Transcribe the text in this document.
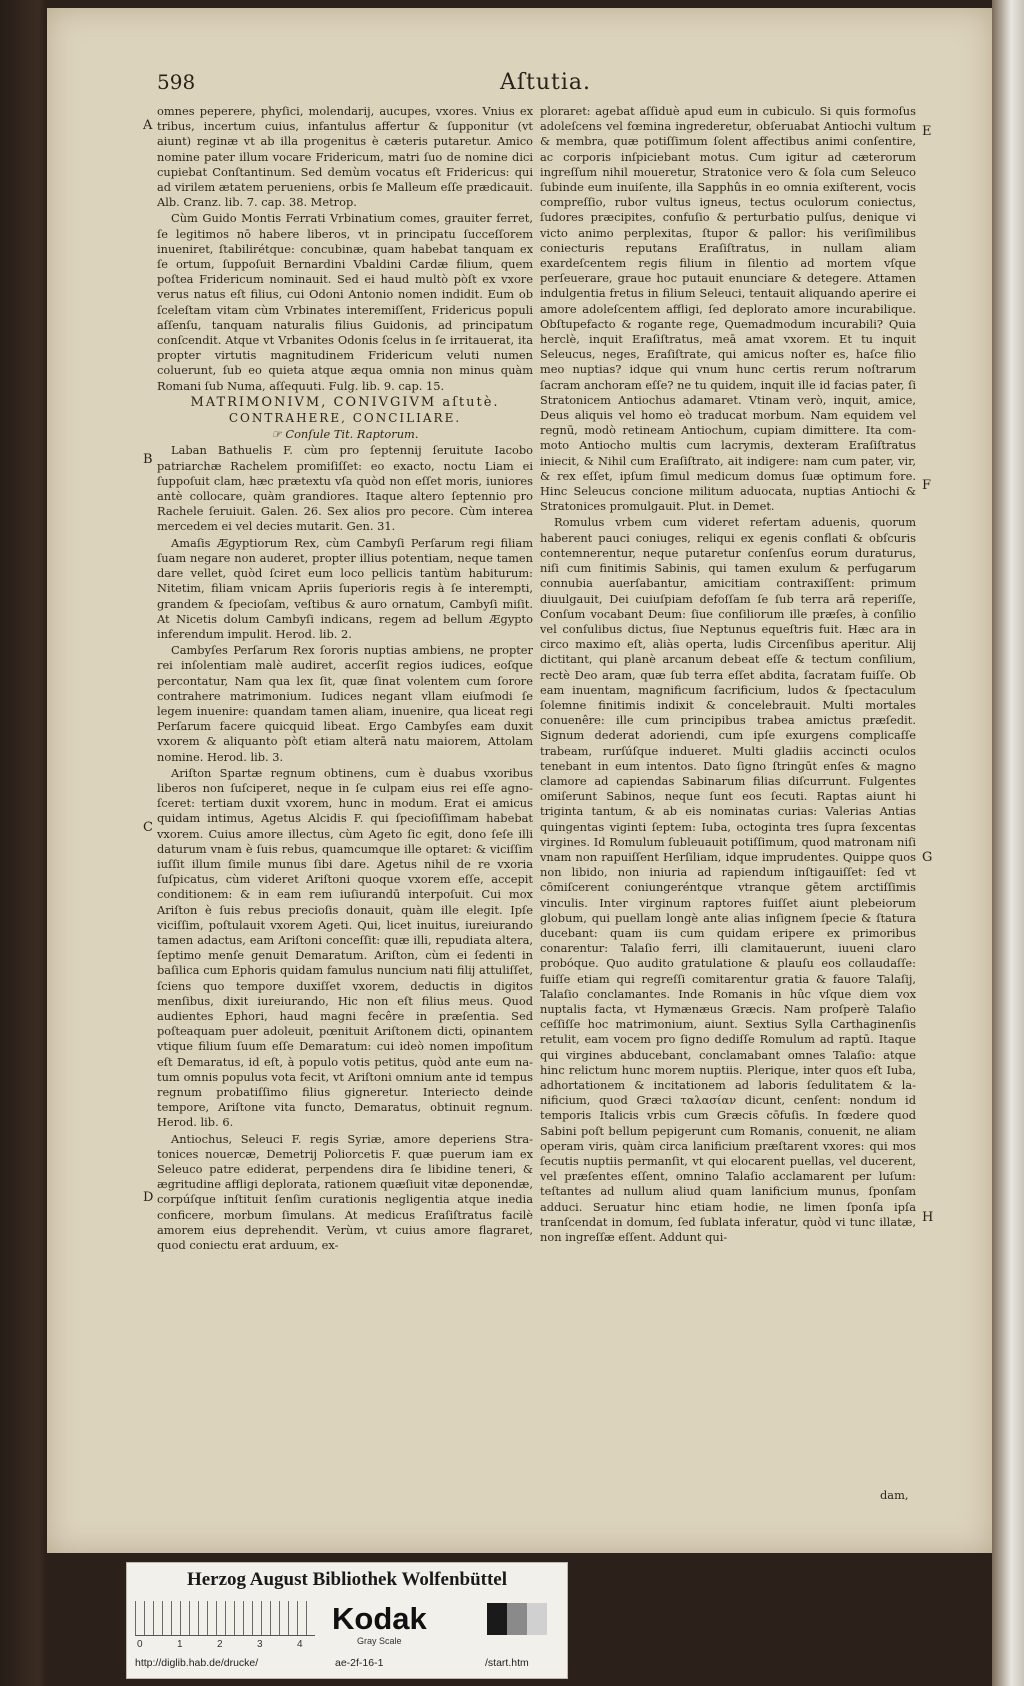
598	Aſtutia.

omnes peperere, phyſici, molendarij, aucupes, vxores. Vnius ex tribus, incertum cuius, infantulus affertur & ſupponitur (vt aiunt) reginæ vt ab illa progenitus è cæteris putaretur. Amico nomine pater illum vocare Fridericum, matri ſuo de nomine dici cupiebat Conſtantinum. Sed demùm vocatus eſt Fridericus: qui ad virilem ætatem perueniens, orbis ſe Malleum eſſe prædicauit. Alb. Cranz. lib. 7. cap. 38. Metrop.

Cùm Guido Montis Ferrati Vrbinatium comes, grauiter ferret, ſe legitimos nō habere liberos, vt in principatu ſucceſſorem inueniret, ſtabilirétque: concubinæ, quam habebat tanquam ex ſe ortum, ſuppoſuit Bernardini Vbaldini Cardæ filium, quem poſtea Fridericum nominauit. Sed ei haud multò pòſt ex vxore verus natus eſt filius, cui Odoni Antonio nomen indidit. Eum ob ſceleſtam vitam cùm Vrbinates interemiſſent, Fridericus populi aſſenſu, tanquam naturalis filius Guidonis, ad principatum conſcendit. Atque vt Vrbanites Odonis ſcelus in ſe irritauerat, ita propter virtutis magnitudinem Fridericum veluti numen coluerunt, ſub eo quieta atque æqua omnia non minus quàm Romani ſub Numa, aſſequuti. Fulg. lib. 9. cap. 15.

MATRIMONIVM, CONIVGIVM aſtutè.

CONTRAHERE, CONCILIARE.

☞ Conſule Tit. Raptorum.

Laban Bathuelis F. cùm pro ſeptennij ſeruitute Iacobo patriarchæ Rachelem promiſiſſet: eo exacto, noctu Liam ei ſuppoſuit clam, hæc prætextu vſa quòd non eſſet moris, iuniores antè collocare, quàm grandiores. Itaque altero ſeptennio pro Rachele ſeruiuit. Galen. 26. Sex alios pro pecore. Cùm interea mercedem ei vel decies mutarit. Gen. 31.

Amaſis Ægyptiorum Rex, cùm Cambyſi Perſarum regi filiam ſuam negare non auderet, propter illius potentiam, neque tamen dare vellet, quòd ſciret eum loco pellicis tantùm habiturum: Nitetim, filiam vnicam Apriis ſuperioris regis à ſe interempti, grandem & ſpecioſam, veſtibus & auro ornatum, Cambyſi miſit. At Nicetis dolum Cambyſi indicans, regem ad bellum Ægypto inferendum impulit. Herod. lib. 2.

Cambyſes Perſarum Rex ſororis nuptias ambiens, ne propter rei inſolentiam malè audiret, accerſit regios iudices, eoſque percontatur, Nam qua lex ſit, quæ ſinat volentem cum ſorore contrahere matrimonium. Iudices negant vllam eiuſmodi ſe legem inuenire: quandam tamen aliam, inuenire, qua liceat regi Perſarum facere quicquid libeat. Ergo Cambyſes eam duxit vxorem & aliquanto pòſt etiam alterā natu maiorem, Attolam nomine. Herod. lib. 3.

Ariſton Spartæ regnum obtinens, cum è duabus vxoribus liberos non ſuſciperet, neque in ſe culpam eius rei eſſe agnoſceret: tertiam duxit vxorem, hunc in modum. Erat ei amicus quidam intimus, Agetus Alcidis F. qui ſpecioſiſſimam habebat vxorem. Cuius amore illectus, cùm Ageto ſic egit, dono ſeſe illi daturum vnam è ſuis rebus, quamcumque ille optaret: & viciſſim iuſſit illum ſimile munus ſibi dare. Agetus nihil de re vxoria ſuſpicatus, cùm videret Ariſtoni quoque vxorem eſſe, accepit conditionem: & in eam rem iuſiurandū interpoſuit. Cui mox Ariſton è ſuis rebus precioſis donauit, quàm ille elegit. Ipſe viciſſim, poſtulauit vxorem Ageti. Qui, licet inuitus, iureiurando tamen adactus, eam Ariſtoni conceſſit: quæ illi, repudiata altera, ſeptimo menſe genuit Demaratum. Ariſton, cùm ei ſedenti in baſilica cum Ephoris quidam famulus nuncium nati filij attuliſſet, ſciens quo tempore duxiſſet vxorem, deductis in digitos menſibus, dixit iureiurando, Hic non eſt filius meus. Quod audientes Ephori, haud magni fecêre in præſentia. Sed poſteaquam puer adoleuit, pœnituit Ariſtonem dicti, opinantem vtique filium ſuum eſſe Demaratum: cui ideò nomen impoſitum eſt Demaratus, id eſt, à populo votis petitus, quòd ante eum natum omnis populus vota fecit, vt Ariſtoni omnium ante id tempus regnum probatiſſimo filius gigneretur. Interiecto deinde tempore, Ariſtone vita functo, Demaratus, obtinuit regnum. Herod. lib. 6.

Antiochus, Seleuci F. regis Syriæ, amore deperiens Stratonices nouercæ, Demetrij Poliorcetis F. quæ puerum iam ex Seleuco patre ediderat, perpendens dira ſe libidine teneri, & ægritudine affligi deplorata, rationem quæſiuit vitæ deponendæ, corpúſque inſtituit ſenſim curationis negligentia atque inedia conficere, morbum ſimulans. At medicus Eraſiſtratus facilè amorem eius deprehendit. Verùm, vt cuius amore flagraret, quod coniectu erat arduum, ex-

ploraret: agebat aſſiduè apud eum in cubiculo. Si quis formoſus adoleſcens vel fœmina ingrederetur, obſeruabat Antiochi vultum & membra, quæ potiſſimum ſolent affectibus animi conſentire, ac corporis inſpiciebant motus. Cum igitur ad cæterorum ingreſſum nihil moueretur, Stratonice vero & ſola cum Seleuco ſubinde eum inuiſente, illa Sapphûs in eo omnia exiſterent, vocis compreſſio, rubor vultus igneus, tectus oculorum coniectus, ſudores præcipites, confuſio & perturbatio pulſus, denique vi victo animo perplexitas, ſtupor & pallor: his veriſimilibus coniecturis reputans Eraſiſtratus, in nullam aliam exardeſcentem regis filium in ſilentio ad mortem vſque perſeuerare, graue hoc putauit enunciare & detegere. Attamen indulgentia fretus in filium Seleuci, tentauit aliquando aperire ei amore adoleſcentem affligi, ſed deplorato amore incurabilique. Obſtupefacto & rogante rege, Quemadmodum incurabili? Quia herclè, inquit Eraſiſtratus, meā amat vxorem. Et tu inquit Seleucus, neges, Eraſiſtrate, qui amicus noſter es, haſce filio meo nuptias? idque qui vnum hunc certis rerum noſtrarum ſacram anchoram eſſe? ne tu quidem, inquit ille id facias pater, ſi Stratonicem Antiochus adamaret. Vtinam verò, inquit, amice, Deus aliquis vel homo eò traducat morbum. Nam equidem vel regnū, modò retineam Antiochum, cupiam dimittere. Ita commoto Antiocho multis cum lacrymis, dexteram Eraſiſtratus iniecit, & Nihil cum Eraſiſtrato, ait indigere: nam cum pater, vir, & rex eſſet, ipſum ſimul medicum domus ſuæ optimum fore. Hinc Seleucus concione militum aduocata, nuptias Antiochi & Stratonices promulgauit. Plut. in Demet.

Romulus vrbem cum videret refertam aduenis, quorum haberent pauci coniuges, reliqui ex egenis conflati & obſcuris contemnerentur, neque putaretur conſenſus eorum duraturus, niſi cum finitimis Sabinis, qui tamen exulum & perfugarum connubia auerſabantur, amicitiam contraxiſſent: primum diuulgauit, Dei cuiuſpiam defoſſam ſe ſub terra arā reperiſſe, Conſum vocabant Deum: ſiue conſiliorum ille præſes, à conſilio vel conſulibus dictus, ſiue Neptunus equeſtris fuit. Hæc ara in circo maximo eſt, aliàs operta, ludis Circenſibus aperitur. Alij dictitant, qui planè arcanum debeat eſſe & tectum conſilium, rectè Deo aram, quæ ſub terra eſſet abdita, ſacratam fuiſſe. Ob eam inuentam, magnificum ſacrificium, ludos & ſpectaculum ſolemne finitimis indixit & concelebrauit. Multi mortales conuenêre: ille cum principibus trabea amictus præſedit. Signum dederat adoriendi, cum ipſe exurgens complicaſſe trabeam, rurſúſque indueret. Multi gladiis accincti oculos tenebant in eum intentos. Dato ſigno ſtringūt enſes & magno clamore ad capiendas Sabinarum filias diſcurrunt. Fulgentes omiſerunt Sabinos, neque ſunt eos ſecuti. Raptas aiunt hi triginta tantum, & ab eis nominatas curias: Valerias Antias quingentas viginti ſeptem: Iuba, octoginta tres ſupra ſexcentas virgines. Id Romulum ſubleuauit potiſſimum, quod matronam niſi vnam non rapuiſſent Herſiliam, idque imprudentes. Quippe quos non libido, non iniuria ad rapiendum inſtigauiſſet: ſed vt cōmiſcerent coniungeréntque vtranque gētem arctiſſimis vinculis. Inter virginum raptores fuiſſet aiunt plebeiorum globum, qui puellam longè ante alias inſignem ſpecie & ſtatura ducebant: quam iis cum quidam eripere ex primoribus conarentur: Talaſio ferri, illi clamitauerunt, iuueni claro probóque. Quo audito gratulatione & plauſu eos collaudaſſe: fuiſſe etiam qui regreſſi comitarentur gratia & fauore Talaſij, Talaſio conclamantes. Inde Romanis in hûc vſque diem vox nuptalis facta, vt Hymænæus Græcis. Nam proſperè Talaſio ceſſiſſe hoc matrimonium, aiunt. Sextius Sylla Carthaginenſis retulit, eam vocem pro ſigno dediſſe Romulum ad raptū. Itaque qui virgines abducebant, conclamabant omnes Talaſio: atque hinc relictum hunc morem nuptiis. Plerique, inter quos eſt Iuba, adhortationem & incitationem ad laboris ſedulitatem & lanificium, quod Græci ταλασίαν dicunt, cenſent: nondum id temporis Italicis vrbis cum Græcis cōfuſis. In fœdere quod Sabini poſt bellum pepigerunt cum Romanis, conuenit, ne aliam operam viris, quàm circa lanificium præſtarent vxores: qui mos ſecutis nuptiis permanſit, vt qui elocarent puellas, vel ducerent, vel præſentes eſſent, omnino Talaſio acclamarent per luſum: teſtantes ad nullum aliud quam lanificium munus, ſponſam adduci. Seruatur hinc etiam hodie, ne limen ſponſa ipſa tranſcendat in domum, ſed ſublata inferatur, quòd vi tunc illatæ, non ingreſſæ eſſent. Addunt qui-

A
B
C
D
E
F
G
H
dam,
Herzog August Bibliothek Wolfenbüttel
0	1	2	3	4
Kodak
Gray Scale
http://diglib.hab.de/drucke/	ae-2f-16-1	/start.htm
